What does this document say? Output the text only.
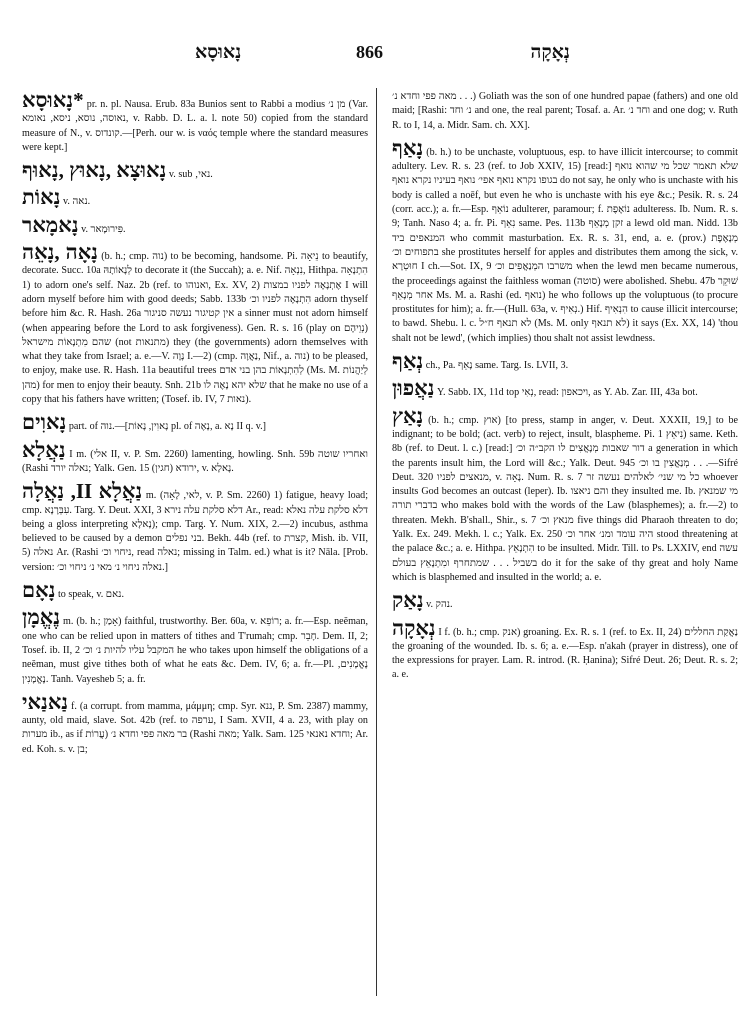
נָאוּסָא	866	נְאָקָה

*נָאוּסָא pr. n. pl. Nausa. Erub. 83a Bunios sent to Rabbi a modius מן נ׳ (Var. נאוסה, נוסא, ניסא, נאומא, v. Rabb. D. L. a. l. note 50) copied from the standard measure of N., v. קונדוס.—[Perh. our w. is ναός temple where the standard measures were kept.]

נָאוּצָא ,נָאוּץ ,נָאוּף v. sub ‚נאי.

נָאוֹת v. נאה.

נָאמָאר v. פִּירוּמָאר.

נָאָה ,נָאֵה (b. h.; cmp. נוה) to be becoming, handsome. Pi. נֵיאָה to beautify, decorate. Succ. 10a לְנָאוֹתָהּ to decorate it (the Succah); a. e. Nif. נִנְאָה, Hithpa. הִתְנָאָה 1) to adorn one's self. Naz. 2b (ref. to ואנוהו, Ex. XV, 2) אֶתְנָאֶה לפניו במצות I will adorn myself before him with good deeds; Sabb. 133b הִתְנָאֶה לפניו וכ׳ adorn thyself before him &c. R. Hash. 26a אין קטיגור נעשה סניגור a sinner must not adorn himself (when appearing before the Lord to ask forgiveness). Gen. R. s. 16 (play on נְוֵיהֶם) שהם מִתְנָאוֹת מישראל (not מתנאות) they (the governments) adorn themselves with what they take from Israel; a. e.—V. נָוָה I.—2) (cmp. נַאֲוָה, Nif., a. נוה) to be pleased, to enjoy, make use. R. Hash. 11a beautiful trees לְהִתְנָאוֹת בהן בני אדם (Ms. M. לְיַהֲנוֹת מהן) for men to enjoy their beauty. Snh. 21b שלא יהא נָאֶה לו that he make no use of a copy that his fathers have written; (Tosef. ib. IV, 7 נאות).

נָאוִים part. of נוה.—[נָאוִין, נָאוֹת pl. of נָאֶה, a. נָא II q. v.]

נַאֲלָא I m. (אלי II, v. P. Sm. 2260) lamenting, howling. Snh. 59b ואחריו שוטה (Rashi נאלה יורד; Yalk. Gen. 15 ירודא (חגין), v. נָאלָא.

נַאֲלָא II, נַאֲלָה m. (לאי, לָאָה, v. P. Sm. 2260) 1) fatigue, heavy load; cmp. עִבְּרָנָא. Targ. Y. Deut. XXI, 3 דלא סלקת עלה נירא Ar., read: דלא סלקת עלה נאלא being a gloss interpreting נָאלָא); cmp. Targ. Y. Num. XIX, 2.—2) incubus, asthma believed to be caused by a demon בני נפלים. Bekh. 44b (ref. to קצרת, Mish. ib. VII, 5) נאלה Ar. (Rashi ניחוי וכ׳, read נאלה; missing in Talm. ed.) what is it? Nāla. [Prob. version: נאלה ניחוי נ׳ מאי נ׳ ניחוי וכ׳.]

נָאָם to speak, v. נאם.

נֶאֱמָן m. (b. h.; אָמַן) faithful, trustworthy. Ber. 60a, v. רוֹפֵא; a. fr.—Esp. neĕman, one who can be relied upon in matters of tithes and T'rumah; cmp. חָבֵר. Dem. II, 2; Tosef. ib. II, 2 המקבל עליו להיות נ׳ וכ׳ he who takes upon himself the obligations of a neĕman, must give tithes both of what he eats &c. Dem. IV, 6; a. fr.—Pl. נֶאֱמָנִים, נֶאֱמָנִין. Tanh. Vayesheb 5; a. fr.

נַאנַאי f. (a corrupt. from mamma, μάμμη; cmp. Syr. ננא, P. Sm. 2387) mammy, aunty, old maid, slave. Sot. 42b (ref. to ערפה, I Sam. XVII, 4 a. 23, with play on מערות ib., as if עֲרוֹת) בר מאה פפי וחדא נ׳ (Rashi מאה; Yalk. Sam. 125 וחדא נאנאי; Ar. ed. Koh. s. v. בן;

מאה פפי וחדא נ׳ . . .) Goliath was the son of one hundred papae (fathers) and one old maid; [Rashi: נ׳ וחד and one, the real parent; Tosaf. a. Ar. וחד נ׳ and one dog; v. Ruth R. to I, 14, a. Midr. Sam. ch. XX].

נָאַף (b. h.) to be unchaste, voluptuous, esp. to have illicit intercourse; to commit adultery. Lev. R. s. 23 (ref. to Job XXIV, 15) [read:] שלא תאמר שכל מי שהוא נואף בגופו נקרא נואף אפי׳ נואף בעיניו נקרא נואף do not say, he only who is unchaste with his body is called a noēf, but even he who is unchaste with his eye &c.; Pesik. R. s. 24 (corr. acc.); a. fr.—Esp. נוֹאֵף adulterer, paramour; f. נוֹאֶפֶת adulteress. Ib. Num. R. s. 9; Tanh. Naso 4; a. fr. Pi. נִאֵף same. Pes. 113b זקן מְנָאֵף a lewd old man. Nidd. 13b המנאפים ביד who commit masturbation. Ex. R. s. 31, end, a. e. (prov.) מְנָאֶפֶת בתפוחים וכ׳ she prostitutes herself for apples and distributes them among the sick, v. חוּטְרָא I ch.—Sot. IX, 9 משרבו המְנַאֲפִים וכ׳ when the lewd men became numerous, the proceedings against the faithless woman (סוטה) were abolished. Shebu. 47b שׁוּקֵר אחר מְנָאֵף Ms. M. a. Rashi (ed. נואף) he who follows up the voluptuous (to procure prostitutes for him); a. fr.—(Hull. 63a, v. נְאִיף.) Hif. הִנְאִיף to cause illicit intercourse; to bawd. Shebu. l. c. לא תנאף ח״ל (Ms. M. only לא תנאף) it says (Ex. XX, 14) 'thou shalt not be lewd', (which implies) thou shalt not assist lewdness.

נְאַף ch., Pa. נָאֵף same. Targ. Is. LVII, 3.

נַאֲפוּן Y. Sabb. IX, 11d top נְאִי, read: ויכאפון, as Y. Ab. Zar. III, 43a bot.

נָאַץ (b. h.; cmp. אוץ) [to press, stamp in anger, v. Deut. XXXII, 19,] to be indignant; to be bold; (act. verb) to reject, insult, blaspheme. Pi. נִיאֵץ 1) same. Keth. 8b (ref. to Deut. l. c.) [read:] דור שאבות מְנָאֲצִים לו הקב״ה וכ׳ a generation in which the parents insult him, the Lord will &c.; Yalk. Deut. 945 מְנַאֲצִין בו וכ׳ . . .—Sifré Deut. 320 מנאצים לפניו, v. נָאָה. Num. R. s. 7 כל מי שני׳ לאלהים נעשה זר whoever insults God becomes an outcast (leper). Ib. והם ניאצו they insulted me. Ib. מי שמנאץ בדברי תורה who makes bold with the words of the Law (blasphemes); a. fr.—2) to threaten. Mekh. B'shall., Shir., s. 7 מנאץ וכ׳ five things did Pharaoh threaten to do; Yalk. Ex. 249. Mekh. l. c.; Yalk. Ex. 250 היה עומד ומנ׳ אחר וכ׳ stood threatening at the palace &c.; a. e. Hithpa. הִתְנָאֵץ to be insulted. Midr. Till. to Ps. LXXIV, end עשה בשביל . . . שמתחרף ומִתְנָאֵץ בעולם do it for the sake of thy great and holy Name which is blasphemed and insulted in the world; a. e.

נָאַק v. נהק.

נְאָקָה I f. (b. h.; cmp. אנק) groaning. Ex. R. s. 1 (ref. to Ex. II, 24) נַאֲקַת החללים the groaning of the wounded. Ib. s. 6; a. e.—Esp. n'akah (prayer in distress), one of the expressions for prayer. Lam. R. introd. (R. Ḥanina); Sifré Deut. 26; Deut. R. s. 2; a. e.
